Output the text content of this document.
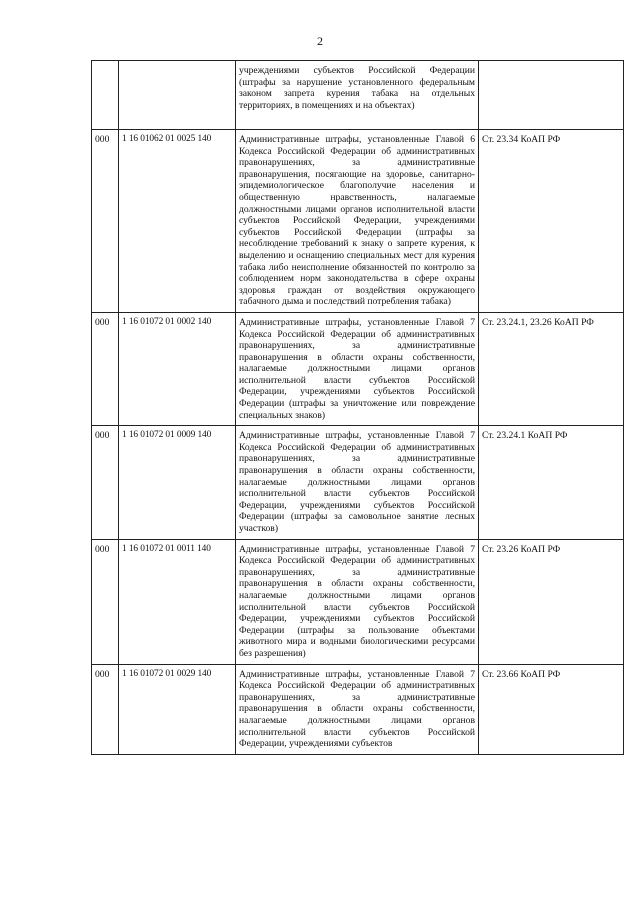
2
		учреждениями субъектов Российской Федерации (штрафы за нарушение установленного федеральным законом запрета курения табака на отдельных территориях, в помещениях и на объектах)	
000	1 16 01062 01 0025 140	Административные штрафы, установленные Главой 6 Кодекса Российской Федерации об административных правонарушениях, за административные правонарушения, посягающие на здоровье, санитарно-эпидемиологическое благополучие населения и общественную нравственность, налагаемые должностными лицами органов исполнительной власти субъектов Российской Федерации, учреждениями субъектов Российской Федерации (штрафы за несоблюдение требований к знаку о запрете курения, к выделению и оснащению специальных мест для курения табака либо неисполнение обязанностей по контролю за соблюдением норм законодательства в сфере охраны здоровья граждан от воздействия окружающего табачного дыма и последствий потребления табака)	Ст. 23.34 КоАП РФ
000	1 16 01072 01 0002 140	Административные штрафы, установленные Главой 7 Кодекса Российской Федерации об административных правонарушениях, за административные правонарушения в области охраны собственности, налагаемые должностными лицами органов исполнительной власти субъектов Российской Федерации, учреждениями субъектов Российской Федерации (штрафы за уничтожение или повреждение специальных знаков)	Ст. 23.24.1, 23.26 КоАП РФ
000	1 16 01072 01 0009 140	Административные штрафы, установленные Главой 7 Кодекса Российской Федерации об административных правонарушениях, за административные правонарушения в области охраны собственности, налагаемые должностными лицами органов исполнительной власти субъектов Российской Федерации, учреждениями субъектов Российской Федерации (штрафы за самовольное занятие лесных участков)	Ст. 23.24.1 КоАП РФ
000	1 16 01072 01 0011 140	Административные штрафы, установленные Главой 7 Кодекса Российской Федерации об административных правонарушениях, за административные правонарушения в области охраны собственности, налагаемые должностными лицами органов исполнительной власти субъектов Российской Федерации, учреждениями субъектов Российской Федерации (штрафы за пользование объектами животного мира и водными биологическими ресурсами без разрешения)	Ст. 23.26 КоАП РФ
000	1 16 01072 01 0029 140	Административные штрафы, установленные Главой 7 Кодекса Российской Федерации об административных правонарушениях, за административные правонарушения в области охраны собственности, налагаемые должностными лицами органов исполнительной власти субъектов Российской Федерации, учреждениями субъектов	Ст. 23.66 КоАП РФ
